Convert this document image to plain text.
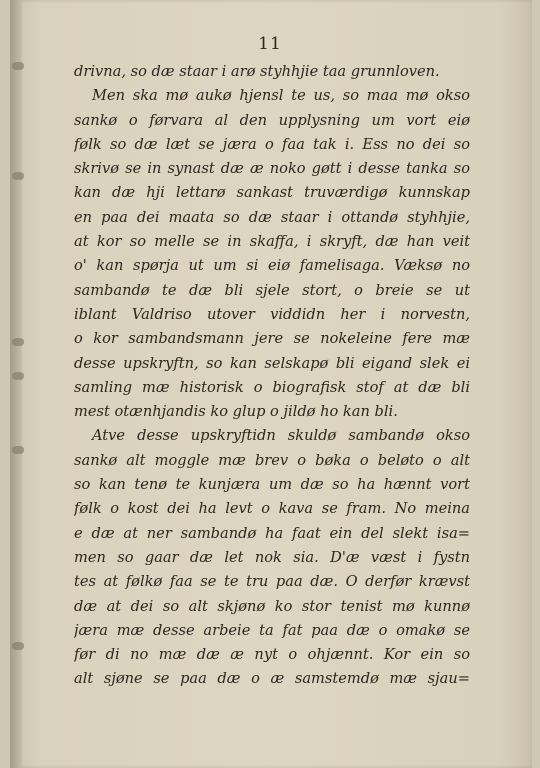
11
drivna, so dæ staar i arø styhhjie taa grunnloven.
Men ska mø aukø hjensl te us, so maa mø okso
sankø o førvara al den upplysning um vort eiø
følk so dæ læt se jæra o faa tak i. Ess no dei so
skrivø se in synast dæ æ noko gøtt i desse tanka so
kan dæ hji lettarø sankast truværdigø kunnskap
en paa dei maata so dæ staar i ottandø styhhjie,
at kor so melle se in skaffa, i skryft, dæ han veit
o' kan spørja ut um si eiø famelisaga. Væksø no
sambandø te dæ bli sjele stort, o breie se ut
iblant Valdriso utover viddidn her i norvestn,
o kor sambandsmann jere se nokeleine fere mæ
desse upskryftn, so kan selskapø bli eigand slek ei
samling mæ historisk o biografisk stof at dæ bli
mest otænhjandis ko glup o jildø ho kan bli.
Atve desse upskryftidn skuldø sambandø okso
sankø alt moggle mæ brev o bøka o beløto o alt
so kan tenø te kunjæra um dæ so ha hænnt vort
følk o kost dei ha levt o kava se fram. No meina
e dæ at ner sambandø ha faat ein del slekt isa=
men so gaar dæ let nok sia. D'æ væst i fystn
tes at følkø faa se te tru paa dæ. O derfør krævst
dæ at dei so alt skjønø ko stor tenist mø kunnø
jæra mæ desse arbeie ta fat paa dæ o omakø se
før di no mæ dæ æ nyt o ohjænnt. Kor ein so
alt sjøne se paa dæ o æ samstemdø mæ sjau=
